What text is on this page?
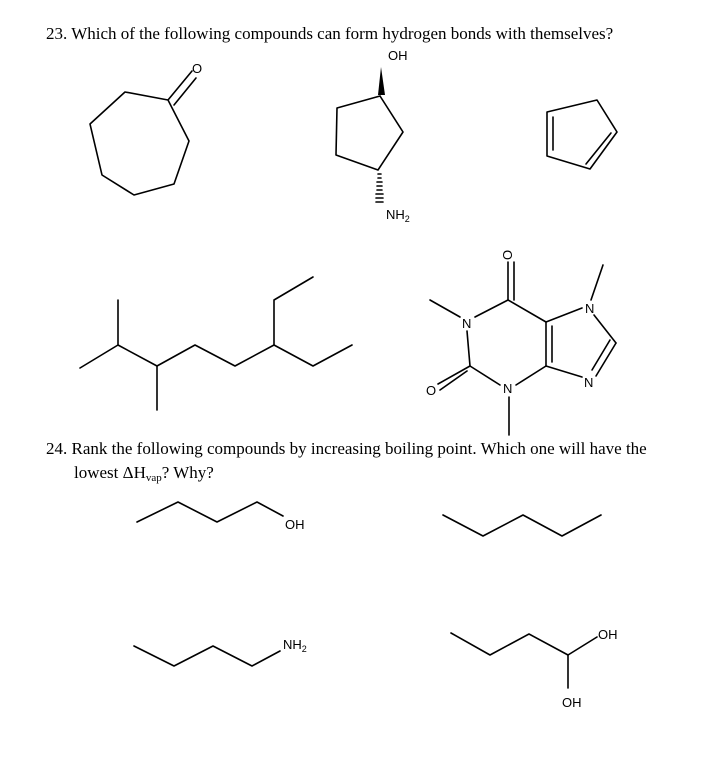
23. Which of the following compounds can form hydrogen bonds with themselves?
24. Rank the following compounds by increasing boiling point. Which one will have the
lowest $\Delta H_{vap}$? Why?
O
OH
$NH_2$
N
O
N
N
N
O
OH
$NH_2$
OH
OH
